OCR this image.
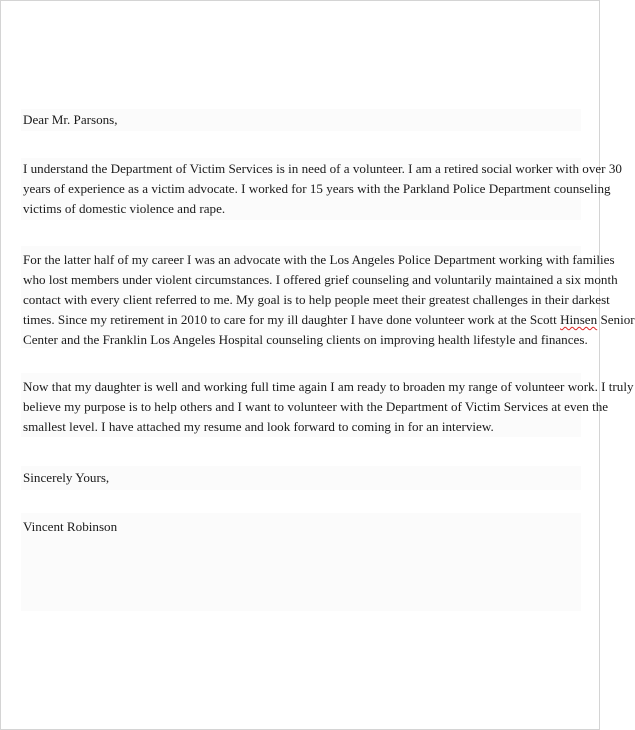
Dear Mr. Parsons,
I understand the Department of Victim Services is in need of a volunteer. I am a retired social worker with over 30
years of experience as a victim advocate. I worked for 15 years with the Parkland Police Department counseling
victims of domestic violence and rape.
For the latter half of my career I was an advocate with the Los Angeles Police Department working with families
who lost members under violent circumstances. I offered grief counseling and voluntarily maintained a six month
contact with every client referred to me. My goal is to help people meet their greatest challenges in their darkest
times. Since my retirement in 2010 to care for my ill daughter I have done volunteer work at the Scott Hinsen Senior
Center and the Franklin Los Angeles Hospital counseling clients on improving health lifestyle and finances.
Now that my daughter is well and working full time again I am ready to broaden my range of volunteer work. I truly
believe my purpose is to help others and I want to volunteer with the Department of Victim Services at even the
smallest level. I have attached my resume and look forward to coming in for an interview.
Sincerely Yours,
Vincent Robinson
